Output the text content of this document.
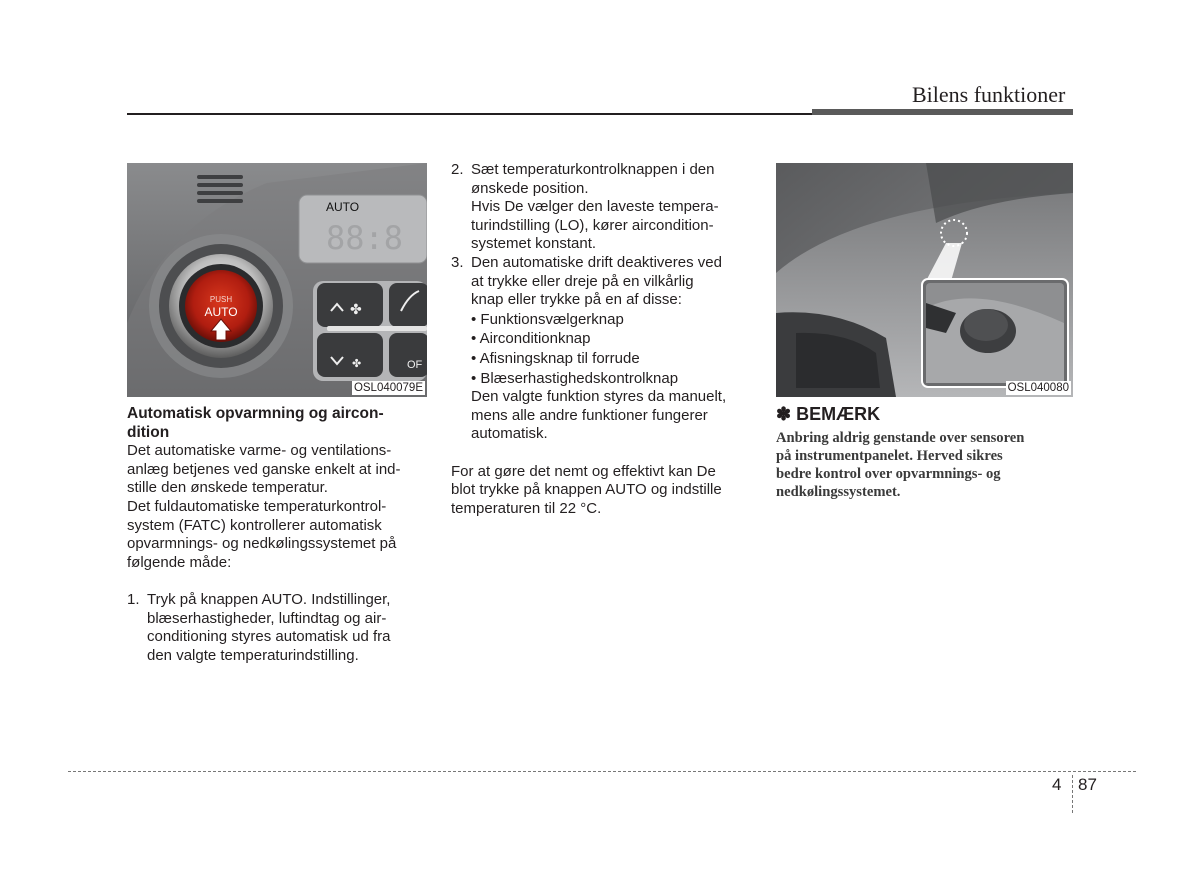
Bilens funktioner
AUTO
88:8
PUSH
AUTO	✤
✤	OF
OSL040079E	OSL040080

Automatisk opvarmning og aircon-

dition

Det automatiske varme- og ventilations-

anlæg betjenes ved ganske enkelt at ind-

stille den ønskede temperatur.

Det fuldautomatiske temperaturkontrol-

system (FATC) kontrollerer automatisk

opvarmnings- og nedkølingssystemet på

følgende måde:

1. Tryk på knappen AUTO. Indstillinger,

blæserhastigheder, luftindtag og air-

conditioning styres automatisk ud fra

den valgte temperaturindstilling.

2. Sæt temperaturkontrolknappen i den

ønskede position.

Hvis De vælger den laveste tempera-

turindstilling (LO), kører aircondition-

systemet konstant.

3. Den automatiske drift deaktiveres ved

at trykke eller dreje på en vilkårlig

knap eller trykke på en af disse:

• Funktionsvælgerknap

• Airconditionknap

• Afisningsknap til forrude

• Blæserhastighedskontrolknap

Den valgte funktion styres da manuelt,

mens alle andre funktioner fungerer

automatisk.

For at gøre det nemt og effektivt kan De

blot trykke på knappen AUTO og indstille

temperaturen til 22 °C.

✽ BEMÆRK
Anbring aldrig genstande over sensoren
på instrumentpanelet. Herved sikres
bedre kontrol over opvarmnings- og
nedkølingssystemet.
4 87
